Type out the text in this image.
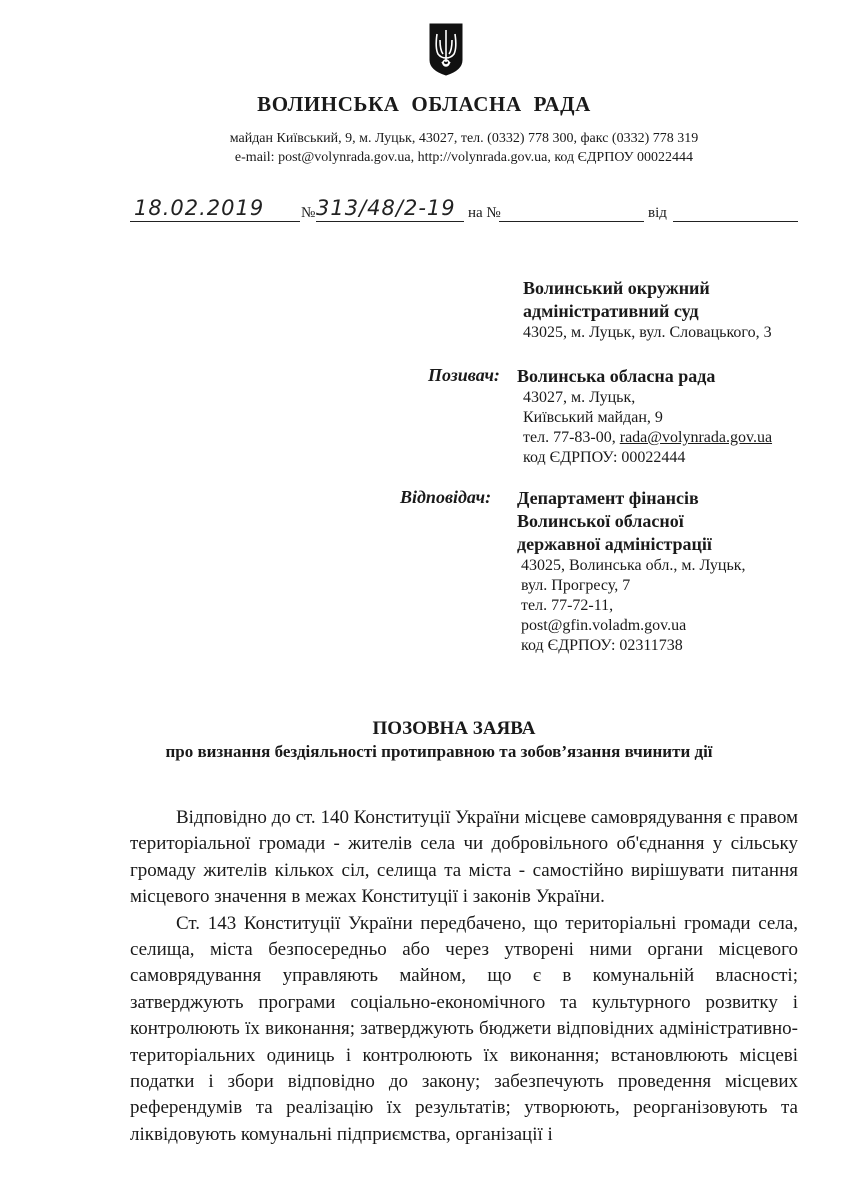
ВОЛИНСЬКА ОБЛАСНА РАДА
майдан Київський, 9, м. Луцьк, 43027, тел. (0332) 778 300, факс (0332) 778 319
e-mail: post@volynrada.gov.ua, http://volynrada.gov.ua, код ЄДРПОУ 00022444
18.02.2019 № 313/48/2-19 на №	від
Волинський окружний
адміністративний суд
43025, м. Луцьк, вул. Словацького, 3
Позивач: Волинська обласна рада
43027, м. Луцьк,
Київський майдан, 9
тел. 77-83-00, rada@volynrada.gov.ua
код ЄДРПОУ: 00022444
Відповідач: Департамент фінансів
Волинської обласної
державної адміністрації
43025, Волинська обл., м. Луцьк,
вул. Прогресу, 7
тел. 77-72-11,
post@gfin.voladm.gov.ua
код ЄДРПОУ: 02311738
ПОЗОВНА ЗАЯВА
про визнання бездіяльності протиправною та зобов’язання вчинити дії

Відповідно до ст. 140 Конституції України місцеве самоврядування є правом територіальної громади - жителів села чи добровільного об'єднання у сільську громаду жителів кількох сіл, селища та міста - самостійно вирішувати питання місцевого значення в межах Конституції і законів України.

Ст. 143 Конституції України передбачено, що територіальні громади села, селища, міста безпосередньо або через утворені ними органи місцевого самоврядування управляють майном, що є в комунальній власності; затверджують програми соціально-економічного та культурного розвитку і контролюють їх виконання; затверджують бюджети відповідних адміністративно-територіальних одиниць і контролюють їх виконання; встановлюють місцеві податки і збори відповідно до закону; забезпечують проведення місцевих референдумів та реалізацію їх результатів; утворюють, реорганізовують та ліквідовують комунальні підприємства, організації і
